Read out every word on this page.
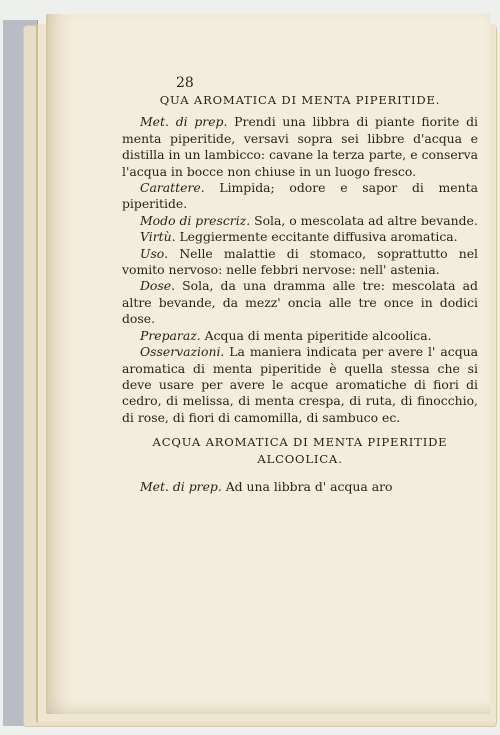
28

QUA AROMATICA DI MENTA PIPERITIDE.

Met. di prep. Prendi una libbra di piante fiorite di menta piperitide, versavi sopra sei libbre d'acqua e distilla in un lambicco: cavane la terza parte, e conserva l'acqua in bocce non chiuse in un luogo fresco.

Carattere. Limpida; odore e sapor di menta piperitide.

Modo di prescriz. Sola, o mescolata ad altre bevande.

Virtù. Leggiermente eccitante diffusiva aromatica.

Uso. Nelle malattie di stomaco, soprattutto nel vomito nervoso: nelle febbri nervose: nell' astenia.

Dose. Sola, da una dramma alle tre: mescolata ad altre bevande, da mezz' oncia alle tre once in dodici dose.

Preparaz. Acqua di menta piperitide alcoolica.

Osservazioni. La maniera indicata per avere l' acqua aromatica di menta piperitide è quella stessa che si deve usare per avere le acque aromatiche di fiori di cedro, di melissa, di menta crespa, di ruta, di finocchio, di rose, di fiori di camomilla, di sambuco ec.

ACQUA AROMATICA DI MENTA PIPERITIDE

ALCOOLICA.

Met. di prep. Ad una libbra d' acqua aro
